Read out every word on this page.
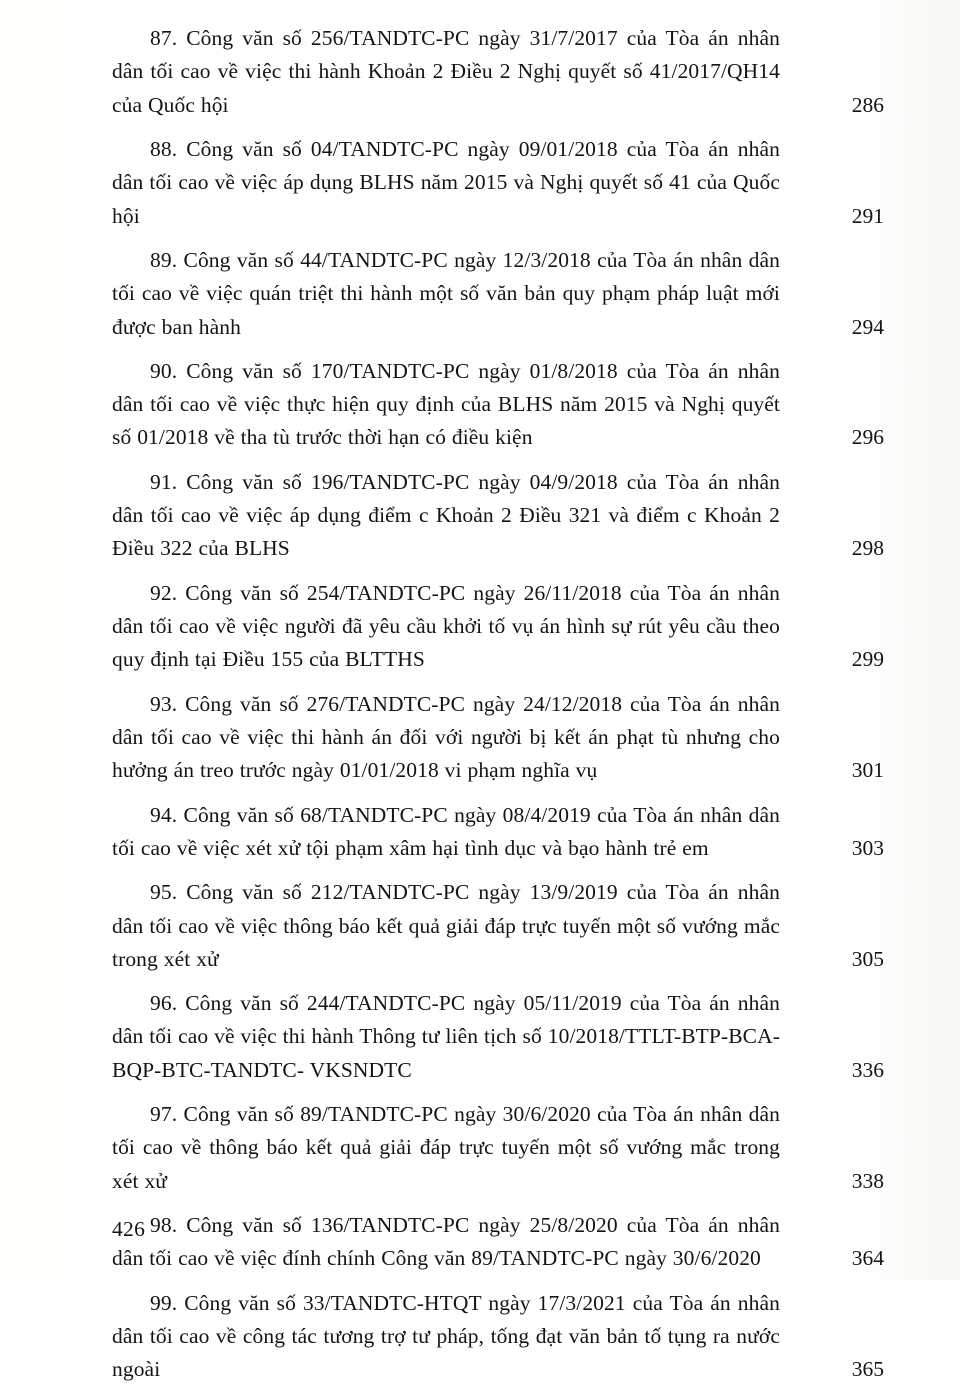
87. Công văn số 256/TANDTC-PC ngày 31/7/2017 của Tòa án nhân dân tối cao về việc thi hành Khoản 2 Điều 2 Nghị quyết số 41/2017/QH14 của Quốc hội	286
88. Công văn số 04/TANDTC-PC ngày 09/01/2018 của Tòa án nhân dân tối cao về việc áp dụng BLHS năm 2015 và Nghị quyết số 41 của Quốc hội	291
89. Công văn số 44/TANDTC-PC ngày 12/3/2018 của Tòa án nhân dân tối cao về việc quán triệt thi hành một số văn bản quy phạm pháp luật mới được ban hành	294
90. Công văn số 170/TANDTC-PC ngày 01/8/2018 của Tòa án nhân dân tối cao về việc thực hiện quy định của BLHS năm 2015 và Nghị quyết số 01/2018 về tha tù trước thời hạn có điều kiện	296
91. Công văn số 196/TANDTC-PC ngày 04/9/2018 của Tòa án nhân dân tối cao về việc áp dụng điểm c Khoản 2 Điều 321 và điểm c Khoản 2 Điều 322 của BLHS	298
92. Công văn số 254/TANDTC-PC ngày 26/11/2018 của Tòa án nhân dân tối cao về việc người đã yêu cầu khởi tố vụ án hình sự rút yêu cầu theo quy định tại Điều 155 của BLTTHS	299
93. Công văn số 276/TANDTC-PC ngày 24/12/2018 của Tòa án nhân dân tối cao về việc thi hành án đối với người bị kết án phạt tù nhưng cho hưởng án treo trước ngày 01/01/2018 vi phạm nghĩa vụ	301
94. Công văn số 68/TANDTC-PC ngày 08/4/2019 của Tòa án nhân dân tối cao về việc xét xử tội phạm xâm hại tình dục và bạo hành trẻ em	303
95. Công văn số 212/TANDTC-PC ngày 13/9/2019 của Tòa án nhân dân tối cao về việc thông báo kết quả giải đáp trực tuyến một số vướng mắc trong xét xử	305
96. Công văn số 244/TANDTC-PC ngày 05/11/2019 của Tòa án nhân dân tối cao về việc thi hành Thông tư liên tịch số 10/2018/TTLT-BTP-BCA-BQP-BTC-TANDTC- VKSNDTC	336
97. Công văn số 89/TANDTC-PC ngày 30/6/2020 của Tòa án nhân dân tối cao về thông báo kết quả giải đáp trực tuyến một số vướng mắc trong xét xử	338
98. Công văn số 136/TANDTC-PC ngày 25/8/2020 của Tòa án nhân dân tối cao về việc đính chính Công văn 89/TANDTC-PC ngày 30/6/2020	364
99. Công văn số 33/TANDTC-HTQT ngày 17/3/2021 của Tòa án nhân dân tối cao về công tác tương trợ tư pháp, tống đạt văn bản tố tụng ra nước ngoài	365
426
